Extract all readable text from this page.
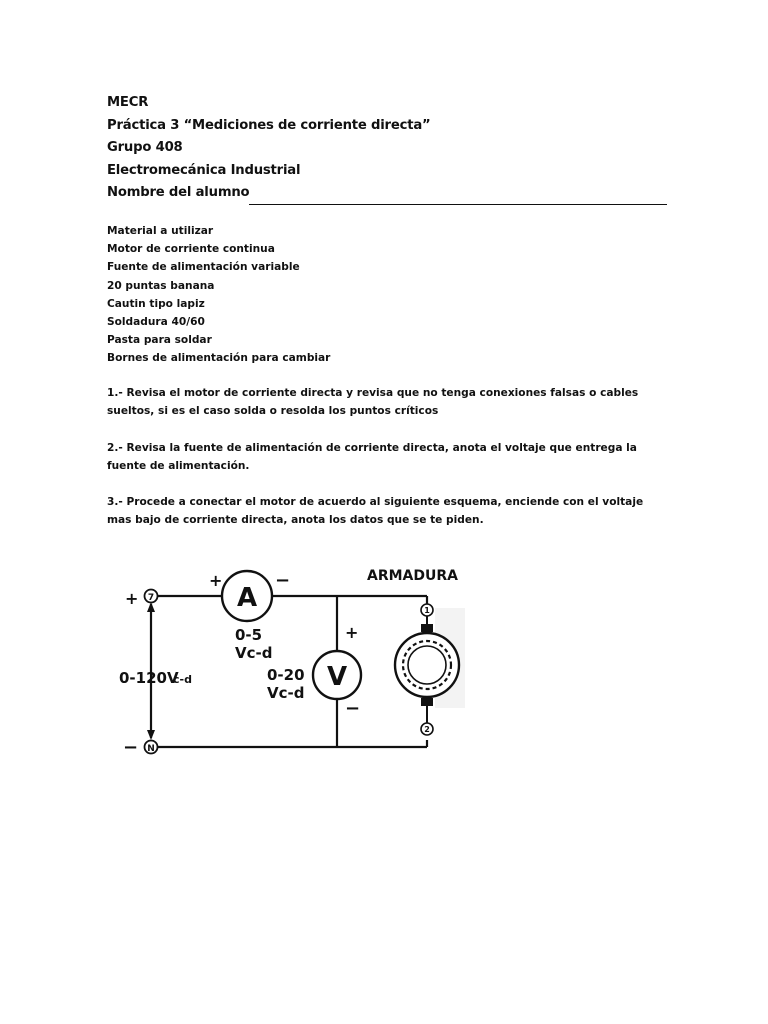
MECR
Práctica 3 “Mediciones de corriente directa”
Grupo 408
Electromecánica Industrial
Nombre del alumno
Material a utilizar
Motor de corriente continua
Fuente de alimentación variable
20 puntas banana
Cautin tipo lapiz
Soldadura 40/60
Pasta para soldar
Bornes de alimentación para cambiar
1.- Revisa el motor de corriente directa y revisa que no tenga conexiones falsas o cables sueltos, si es el caso solda o resolda los puntos críticos
2.- Revisa la fuente de alimentación de corriente directa, anota el voltaje que entrega la fuente de alimentación.
3.- Procede a conectar el motor de acuerdo al siguiente esquema, enciende con el voltaje mas bajo de corriente directa, anota los datos que se te piden.
7
N
+
−
0-120V
c-d
A
+	−
0-5
Vc-d
V
+
−
0-20
Vc-d
ARMADURA
1
2
